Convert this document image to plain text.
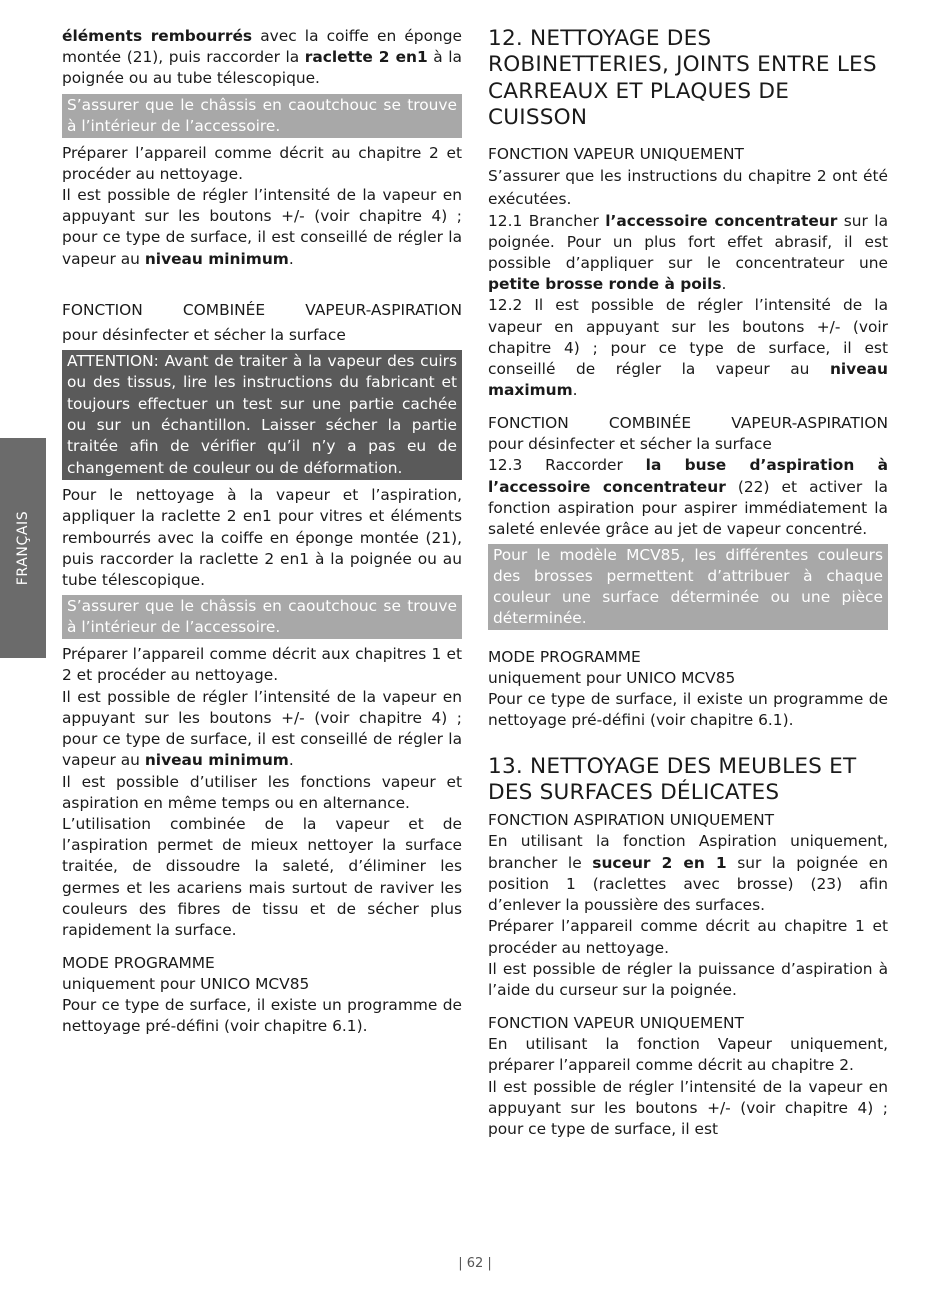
FRANÇAIS

éléments rembourrés avec la coiffe en éponge montée (21), puis raccorder la raclette 2 en1 à la poignée ou au tube télescopique.

S’assurer que le châssis en caoutchouc se trouve à l’intérieur de l’accessoire.

Préparer l’appareil comme décrit au chapitre 2 et procéder au nettoyage.

Il est possible de régler l’intensité de la vapeur en appuyant sur les boutons +/- (voir chapitre 4) ; pour ce type de surface, il est conseillé de régler la vapeur au niveau minimum.

FONCTION COMBINÉE VAPEUR-ASPIRATION
pour désinfecter et sécher la surface
ATTENTION: Avant de traiter à la vapeur des cuirs ou des tissus, lire les instructions du fabricant et toujours effectuer un test sur une partie cachée ou sur un échantillon. Laisser sécher la partie traitée afin de vérifier qu’il n’y a pas eu de changement de couleur ou de déformation.

Pour le nettoyage à la vapeur et l’aspiration, appliquer la raclette 2 en1 pour vitres et éléments rembourrés avec la coiffe en éponge montée (21), puis raccorder la raclette 2 en1 à la poignée ou au tube télescopique.

S’assurer que le châssis en caoutchouc se trouve à l’intérieur de l’accessoire.

Préparer l’appareil comme décrit aux chapitres 1 et 2 et procéder au nettoyage.

Il est possible de régler l’intensité de la vapeur en appuyant sur les boutons +/- (voir chapitre 4) ; pour ce type de surface, il est conseillé de régler la vapeur au niveau minimum.

Il est possible d’utiliser les fonctions vapeur et aspiration en même temps ou en alternance.

L’utilisation combinée de la vapeur et de l’aspiration permet de mieux nettoyer la surface traitée, de dissoudre la saleté, d’éliminer les germes et les acariens mais surtout de raviver les couleurs des fibres de tissu et de sécher plus rapidement la surface.

MODE PROGRAMME
uniquement pour UNICO MCV85

Pour ce type de surface, il existe un programme de nettoyage pré-défini (voir chapitre 6.1).

12. NETTOYAGE DES ROBINETTERIES, JOINTS ENTRE LES CARREAUX ET PLAQUES DE CUISSON
FONCTION VAPEUR UNIQUEMENT

S’assurer que les instructions du chapitre 2 ont été exécutées.

12.1 Brancher l’accessoire concentrateur sur la poignée. Pour un plus fort effet abrasif, il est possible d’appliquer sur le concentrateur une petite brosse ronde à poils.

12.2 Il est possible de régler l’intensité de la vapeur en appuyant sur les boutons +/- (voir chapitre 4) ; pour ce type de surface, il est conseillé de régler la vapeur au niveau maximum.

FONCTION COMBINÉE VAPEUR-ASPIRATION
pour désinfecter et sécher la surface

12.3 Raccorder la buse d’aspiration à l’accessoire concentrateur (22) et activer la fonction aspiration pour aspirer immédiatement la saleté enlevée grâce au jet de vapeur concentré.

Pour le modèle MCV85, les différentes couleurs des brosses permettent d’attribuer à chaque couleur une surface déterminée ou une pièce déterminée.
MODE PROGRAMME
uniquement pour UNICO MCV85

Pour ce type de surface, il existe un programme de nettoyage pré-défini (voir chapitre 6.1).

13. NETTOYAGE DES MEUBLES ET DES SURFACES DÉLICATES
FONCTION ASPIRATION UNIQUEMENT

En utilisant la fonction Aspiration uniquement, brancher le suceur 2 en 1 sur la poignée en position 1 (raclettes avec brosse) (23) afin d’enlever la poussière des surfaces.

Préparer l’appareil comme décrit au chapitre 1 et procéder au nettoyage.

Il est possible de régler la puissance d’aspiration à l’aide du curseur sur la poignée.

FONCTION VAPEUR UNIQUEMENT

En utilisant la fonction Vapeur uniquement, préparer l’appareil comme décrit au chapitre 2.

Il est possible de régler l’intensité de la vapeur en appuyant sur les boutons +/- (voir chapitre 4) ; pour ce type de surface, il est

| 62 |
